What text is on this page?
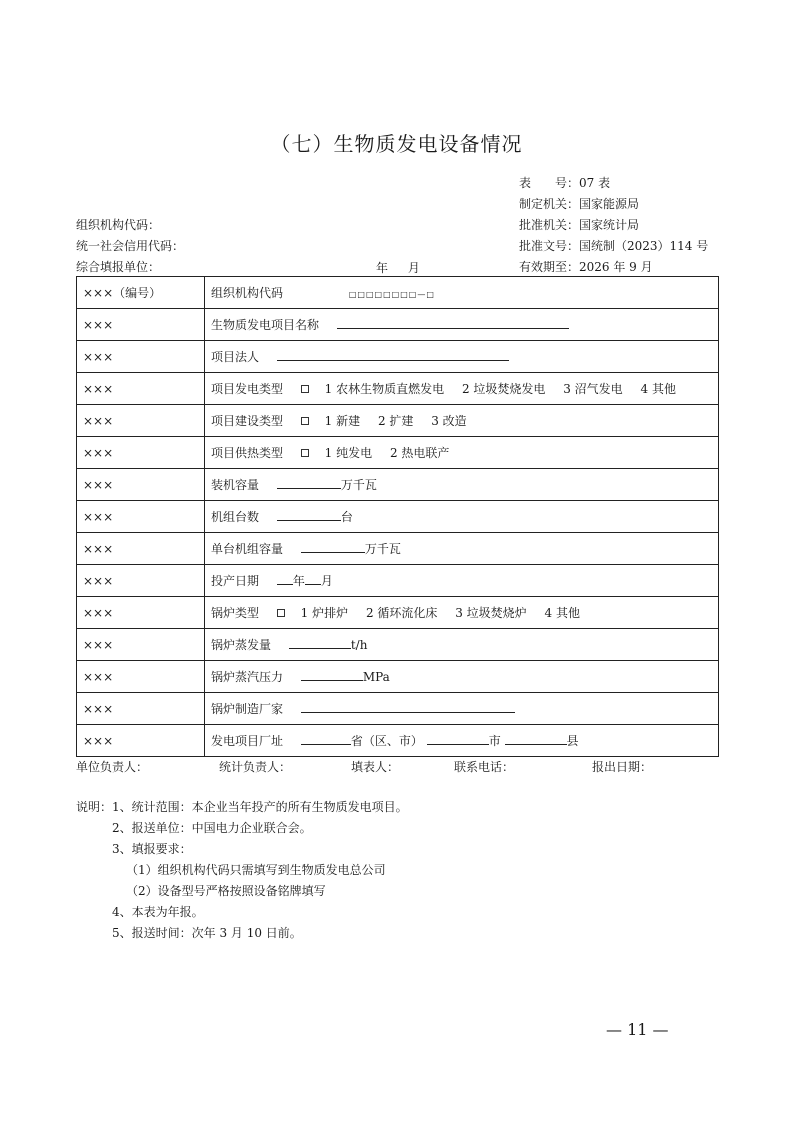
（七）生物质发电设备情况
表　　号：07 表
制定机关：国家能源局
批准机关：国家统计局
批准文号：国统制（2023）114 号
有效期至：2026 年 9 月
组织机构代码：
统一社会信用代码：
综合填报单位：	年 月
×××（编号）	组织机构代码 □□□□□□□□—□
×××	生物质发电项目名称
×××	项目法人
×××	项目发电类型 1 农林生物质直燃发电 2 垃圾焚烧发电 3 沼气发电 4 其他
×××	项目建设类型 1 新建 2 扩建 3 改造
×××	项目供热类型 1 纯发电 2 热电联产
×××	装机容量 万千瓦
×××	机组台数 台
×××	单台机组容量 万千瓦
×××	投产日期 年 月
×××	锅炉类型 1 炉排炉 2 循环流化床 3 垃圾焚烧炉 4 其他
×××	锅炉蒸发量 t/h
×××	锅炉蒸汽压力 MPa
×××	锅炉制造厂家
×××	发电项目厂址 省（区、市） 市 县
单位负责人：	统计负责人：	填表人：	联系电话：	报出日期：
说明：1、统计范围：本企业当年投产的所有生物质发电项目。
2、报送单位：中国电力企业联合会。
3、填报要求：
（1）组织机构代码只需填写到生物质发电总公司
（2）设备型号严格按照设备铭牌填写
4、本表为年报。
5、报送时间：次年 3 月 10 日前。
— 11 —
